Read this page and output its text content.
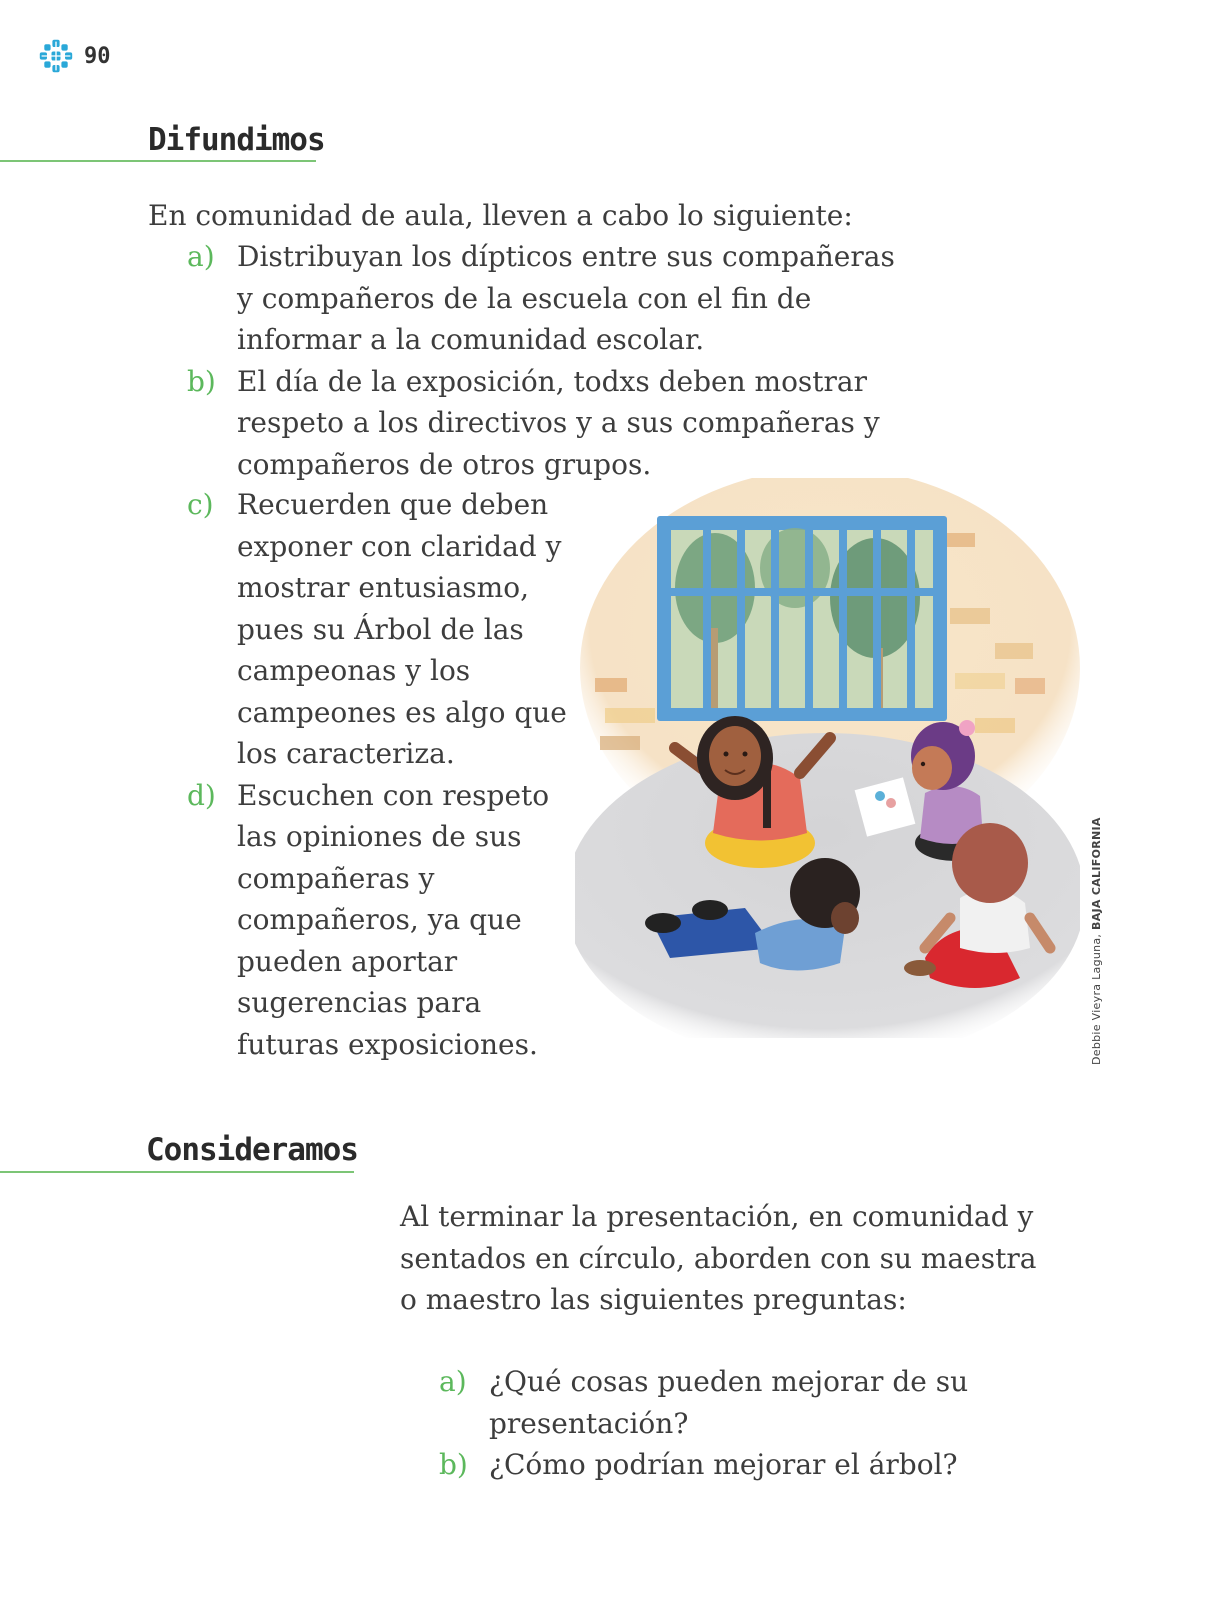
90
Difundimos
En comunidad de aula, lleven a cabo lo siguiente:
a) Distribuyan los dípticos entre sus compañeras y compañeros de la escuela con el fin de informar a la comunidad escolar.
b) El día de la exposición, todxs deben mostrar respeto a los directivos y a sus compañeras y compañeros de otros grupos.
c) Recuerden que deben exponer con claridad y mostrar entusiasmo, pues su Árbol de las campeonas y los campeones es algo que los caracteriza.
d) Escuchen con respeto las opiniones de sus compañeras y compañeros, ya que pueden aportar sugerencias para futuras exposiciones.	Debbie Vieyra Laguna, BAJA CALIFORNIA
Consideramos
Al terminar la presentación, en comunidad y sentados en círculo, aborden con su maestra o maestro las siguientes preguntas:
a) ¿Qué cosas pueden mejorar de su presentación?
b) ¿Cómo podrían mejorar el árbol?
